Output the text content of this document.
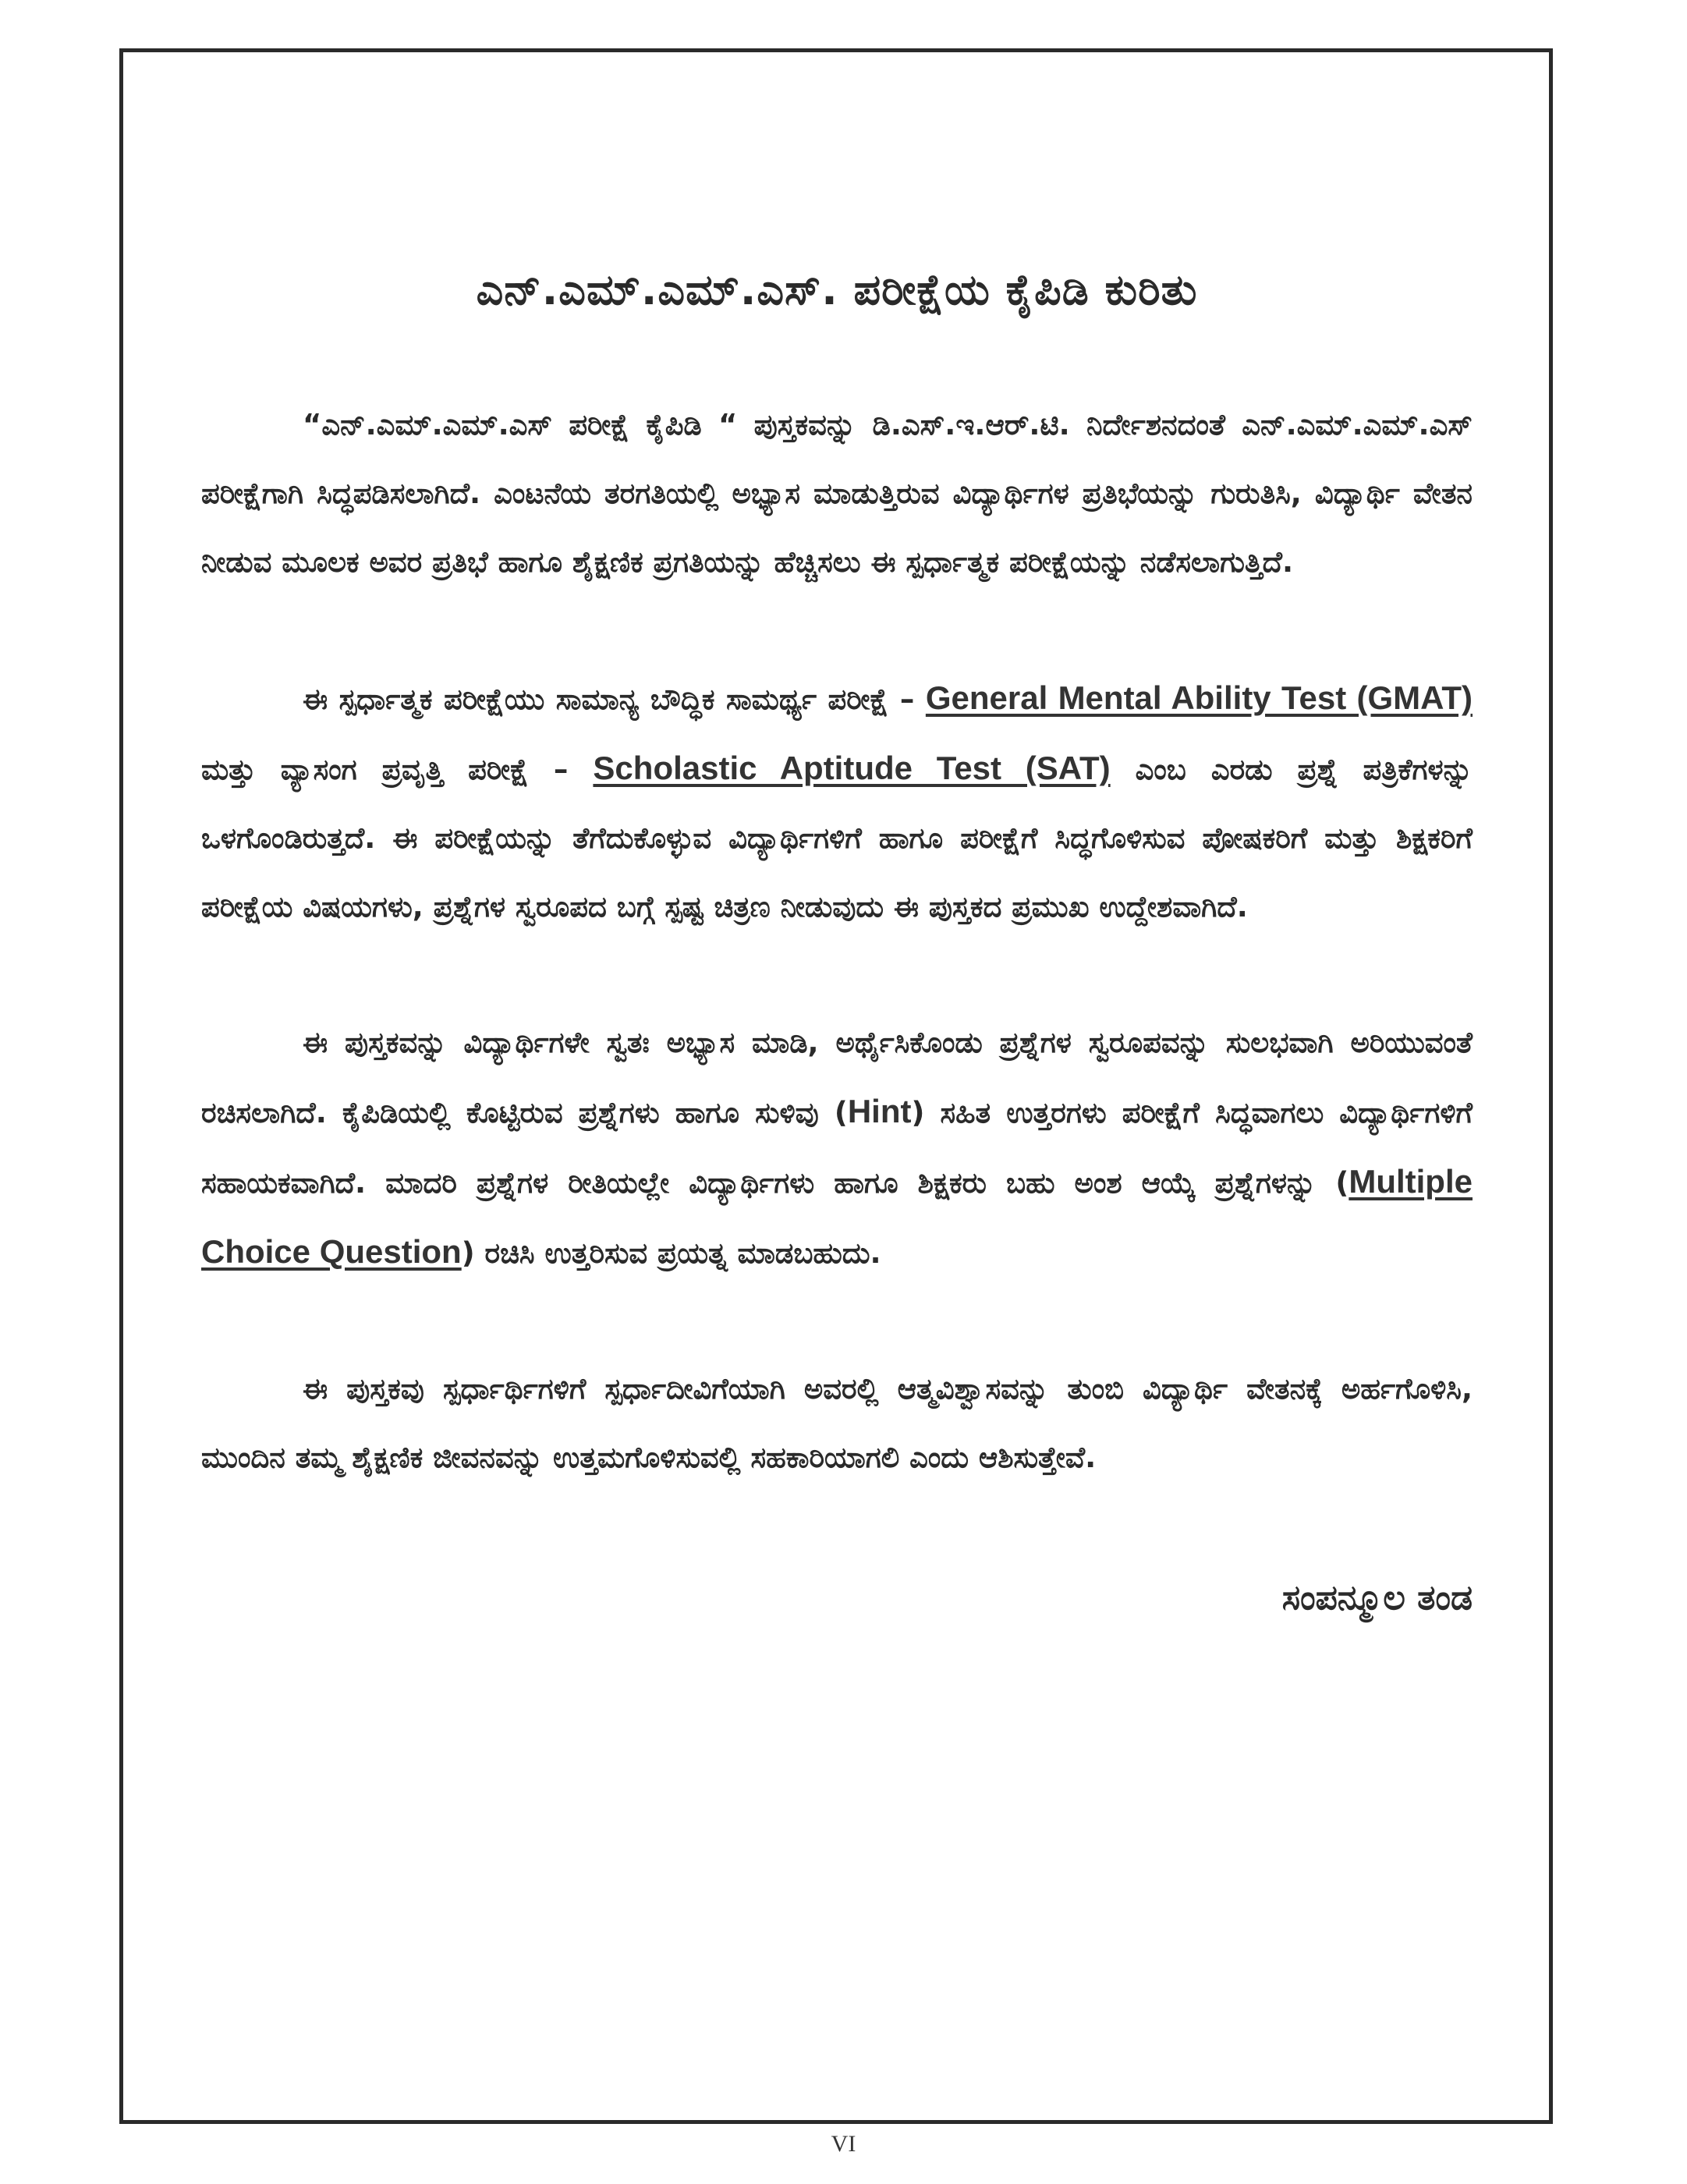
ಎನ್.ಎಮ್.ಎಮ್.ಎಸ್. ಪರೀಕ್ಷೆಯ ಕೈಪಿಡಿ ಕುರಿತು

“ಎನ್.ಎಮ್.ಎಮ್.ಎಸ್ ಪರೀಕ್ಷೆ ಕೈಪಿಡಿ “ ಪುಸ್ತಕವನ್ನು ಡಿ.ಎಸ್.ಇ.ಆರ್.ಟಿ. ನಿರ್ದೇಶನದಂತೆ ಎನ್.ಎಮ್.ಎಮ್.ಎಸ್ ಪರೀಕ್ಷೆಗಾಗಿ ಸಿದ್ಧಪಡಿಸಲಾಗಿದೆ. ಎಂಟನೆಯ ತರಗತಿಯಲ್ಲಿ ಅಭ್ಯಾಸ ಮಾಡುತ್ತಿರುವ ವಿದ್ಯಾರ್ಥಿಗಳ ಪ್ರತಿಭೆಯನ್ನು ಗುರುತಿಸಿ, ವಿದ್ಯಾರ್ಥಿ ವೇತನ ನೀಡುವ ಮೂಲಕ ಅವರ ಪ್ರತಿಭೆ ಹಾಗೂ ಶೈಕ್ಷಣಿಕ ಪ್ರಗತಿಯನ್ನು ಹೆಚ್ಚಿಸಲು ಈ ಸ್ಪರ್ಧಾತ್ಮಕ ಪರೀಕ್ಷೆಯನ್ನು ನಡೆಸಲಾಗುತ್ತಿದೆ.

ಈ ಸ್ಪರ್ಧಾತ್ಮಕ ಪರೀಕ್ಷೆಯು ಸಾಮಾನ್ಯ ಬೌದ್ಧಿಕ ಸಾಮರ್ಥ್ಯ ಪರೀಕ್ಷೆ – General Mental Ability Test (GMAT) ಮತ್ತು ವ್ಯಾಸಂಗ ಪ್ರವೃತ್ತಿ ಪರೀಕ್ಷೆ – Scholastic Aptitude Test (SAT) ಎಂಬ ಎರಡು ಪ್ರಶ್ನೆ ಪತ್ರಿಕೆಗಳನ್ನು ಒಳಗೊಂಡಿರುತ್ತದೆ. ಈ ಪರೀಕ್ಷೆಯನ್ನು ತೆಗೆದುಕೊಳ್ಳುವ ವಿದ್ಯಾರ್ಥಿಗಳಿಗೆ ಹಾಗೂ ಪರೀಕ್ಷೆಗೆ ಸಿದ್ಧಗೊಳಿಸುವ ಪೋಷಕರಿಗೆ ಮತ್ತು ಶಿಕ್ಷಕರಿಗೆ ಪರೀಕ್ಷೆಯ ವಿಷಯಗಳು, ಪ್ರಶ್ನೆಗಳ ಸ್ವರೂಪದ ಬಗ್ಗೆ ಸ್ಪಷ್ಟ ಚಿತ್ರಣ ನೀಡುವುದು ಈ ಪುಸ್ತಕದ ಪ್ರಮುಖ ಉದ್ದೇಶವಾಗಿದೆ.

ಈ ಪುಸ್ತಕವನ್ನು ವಿದ್ಯಾರ್ಥಿಗಳೇ ಸ್ವತಃ ಅಭ್ಯಾಸ ಮಾಡಿ, ಅರ್ಥೈಸಿಕೊಂಡು ಪ್ರಶ್ನೆಗಳ ಸ್ವರೂಪವನ್ನು ಸುಲಭವಾಗಿ ಅರಿಯುವಂತೆ ರಚಿಸಲಾಗಿದೆ. ಕೈಪಿಡಿಯಲ್ಲಿ ಕೊಟ್ಟಿರುವ ಪ್ರಶ್ನೆಗಳು ಹಾಗೂ ಸುಳಿವು (Hint) ಸಹಿತ ಉತ್ತರಗಳು ಪರೀಕ್ಷೆಗೆ ಸಿದ್ಧವಾಗಲು ವಿದ್ಯಾರ್ಥಿಗಳಿಗೆ ಸಹಾಯಕವಾಗಿದೆ. ಮಾದರಿ ಪ್ರಶ್ನೆಗಳ ರೀತಿಯಲ್ಲೇ ವಿದ್ಯಾರ್ಥಿಗಳು ಹಾಗೂ ಶಿಕ್ಷಕರು ಬಹು ಅಂಶ ಆಯ್ಕೆ ಪ್ರಶ್ನೆಗಳನ್ನು (Multiple Choice Question) ರಚಿಸಿ ಉತ್ತರಿಸುವ ಪ್ರಯತ್ನ ಮಾಡಬಹುದು.

ಈ ಪುಸ್ತಕವು ಸ್ಪರ್ಧಾರ್ಥಿಗಳಿಗೆ ಸ್ಪರ್ಧಾದೀವಿಗೆಯಾಗಿ ಅವರಲ್ಲಿ ಆತ್ಮವಿಶ್ವಾಸವನ್ನು ತುಂಬಿ ವಿದ್ಯಾರ್ಥಿ ವೇತನಕ್ಕೆ ಅರ್ಹಗೊಳಿಸಿ, ಮುಂದಿನ ತಮ್ಮ ಶೈಕ್ಷಣಿಕ ಜೀವನವನ್ನು ಉತ್ತಮಗೊಳಿಸುವಲ್ಲಿ ಸಹಕಾರಿಯಾಗಲಿ ಎಂದು ಆಶಿಸುತ್ತೇವೆ.

ಸಂಪನ್ಮೂಲ ತಂಡ
VI
